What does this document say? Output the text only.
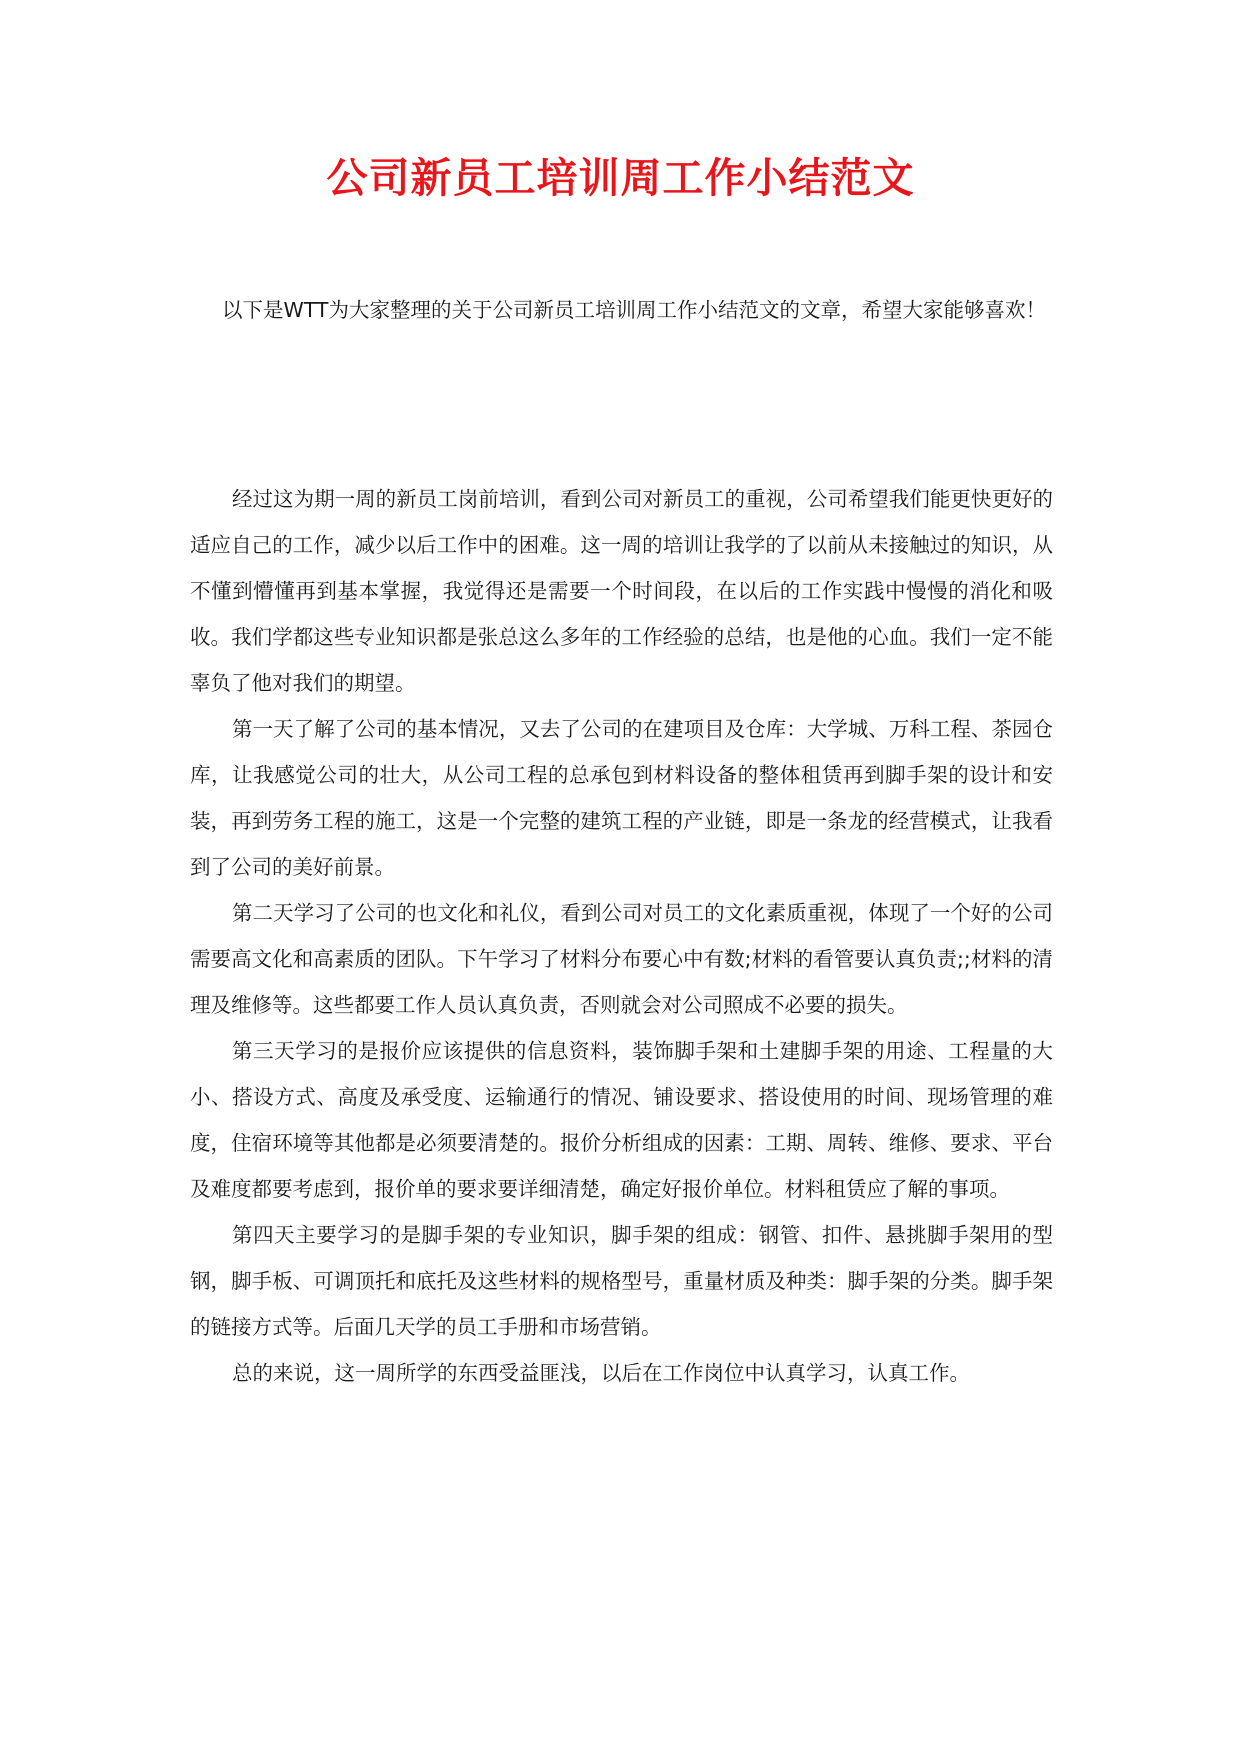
公司新员工培训周工作小结范文

以下是WTT为大家整理的关于公司新员工培训周工作小结范文的文章，希望大家能够喜欢！

经过这为期一周的新员工岗前培训，看到公司对新员工的重视，公司希望我们能更快更好的适应自己的工作，减少以后工作中的困难。这一周的培训让我学的了以前从未接触过的知识，从不懂到懵懂再到基本掌握，我觉得还是需要一个时间段，在以后的工作实践中慢慢的消化和吸收。我们学都这些专业知识都是张总这么多年的工作经验的总结，也是他的心血。我们一定不能辜负了他对我们的期望。

第一天了解了公司的基本情况，又去了公司的在建项目及仓库：大学城、万科工程、茶园仓库，让我感觉公司的壮大，从公司工程的总承包到材料设备的整体租赁再到脚手架的设计和安装，再到劳务工程的施工，这是一个完整的建筑工程的产业链，即是一条龙的经营模式，让我看到了公司的美好前景。

第二天学习了公司的也文化和礼仪，看到公司对员工的文化素质重视，体现了一个好的公司需要高文化和高素质的团队。下午学习了材料分布要心中有数;材料的看管要认真负责;;材料的清理及维修等。这些都要工作人员认真负责，否则就会对公司照成不必要的损失。

第三天学习的是报价应该提供的信息资料，装饰脚手架和土建脚手架的用途、工程量的大小、搭设方式、高度及承受度、运输通行的情况、铺设要求、搭设使用的时间、现场管理的难度，住宿环境等其他都是必须要清楚的。报价分析组成的因素：工期、周转、维修、要求、平台及难度都要考虑到，报价单的要求要详细清楚，确定好报价单位。材料租赁应了解的事项。

第四天主要学习的是脚手架的专业知识，脚手架的组成：钢管、扣件、悬挑脚手架用的型钢，脚手板、可调顶托和底托及这些材料的规格型号，重量材质及种类：脚手架的分类。脚手架的链接方式等。后面几天学的员工手册和市场营销。

总的来说，这一周所学的东西受益匪浅，以后在工作岗位中认真学习，认真工作。
